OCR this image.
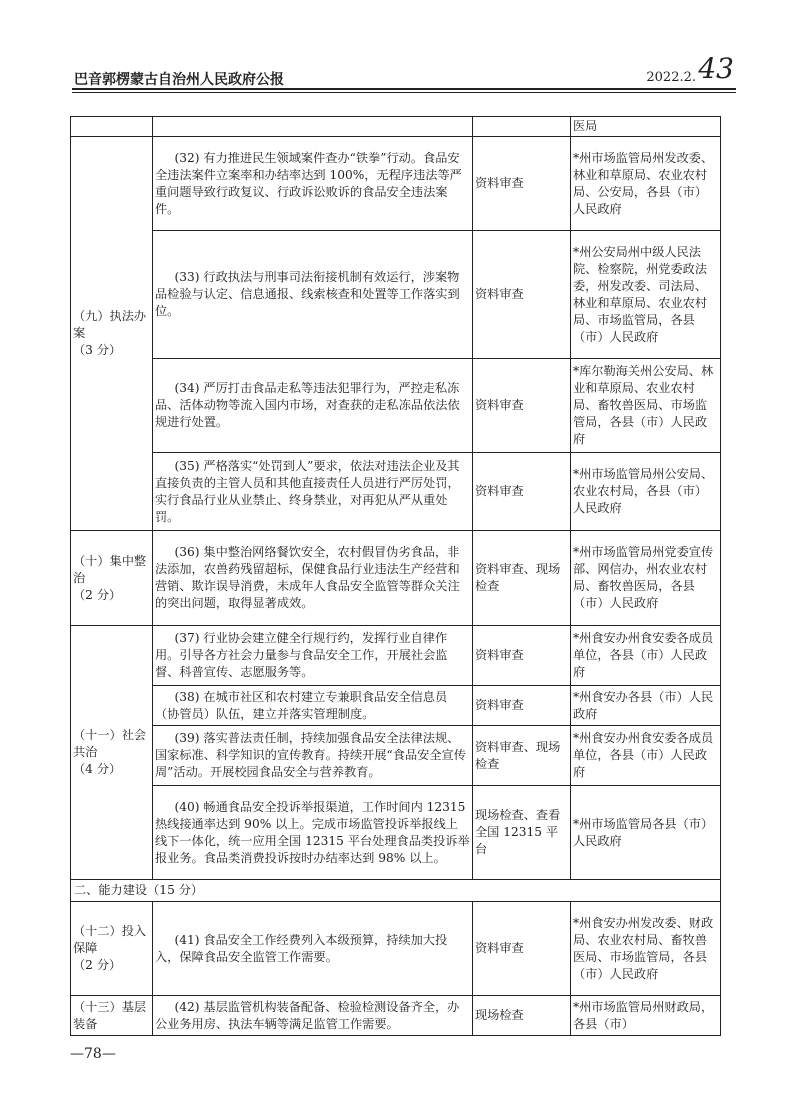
巴音郭楞蒙古自治州人民政府公报	2022.2. 43
			医局

（九）执法办
案
（3 分）	(32) 有力推进民生领域案件查办“铁拳”行动。食品安全违法案件立案率和办结率达到 100%，无程序违法等严重问题导致行政复议、行政诉讼败诉的食品安全违法案件。	资料审查	*州市场监管局州发改委、林业和草原局、农业农村局、公安局，各县（市）人民政府
	(33) 行政执法与刑事司法衔接机制有效运行，涉案物品检验与认定、信息通报、线索核查和处置等工作落实到位。	资料审查	*州公安局州中级人民法院、检察院，州党委政法委，州发改委、司法局、林业和草原局、农业农村局、市场监管局，各县（市）人民政府
	(34) 严厉打击食品走私等违法犯罪行为，严控走私冻品、活体动物等流入国内市场，对查获的走私冻品依法依规进行处置。	资料审查	*库尔勒海关州公安局、林业和草原局、农业农村局、畜牧兽医局、市场监管局，各县（市）人民政府
	(35) 严格落实“处罚到人”要求，依法对违法企业及其直接负责的主管人员和其他直接责任人员进行严厉处罚，实行食品行业从业禁止、终身禁业，对再犯从严从重处罚。	资料审查	*州市场监管局州公安局、农业农村局，各县（市）人民政府

（十）集中整
治
（2 分）	(36) 集中整治网络餐饮安全，农村假冒伪劣食品，非法添加，农兽药残留超标，保健食品行业违法生产经营和营销、欺诈误导消费，未成年人食品安全监管等群众关注的突出问题，取得显著成效。	资料审查、现场检查	*州市场监管局州党委宣传部、网信办，州农业农村局、畜牧兽医局，各县（市）人民政府

（十一）社会
共治
（4 分）	(37) 行业协会建立健全行规行约，发挥行业自律作用。引导各方社会力量参与食品安全工作，开展社会监督、科普宣传、志愿服务等。	资料审查	*州食安办州食安委各成员单位，各县（市）人民政府
	(38) 在城市社区和农村建立专兼职食品安全信息员（协管员）队伍，建立并落实管理制度。	资料审查	*州食安办各县（市）人民政府
	(39) 落实普法责任制，持续加强食品安全法律法规、国家标准、科学知识的宣传教育。持续开展“食品安全宣传周”活动。开展校园食品安全与营养教育。	资料审查、现场检查	*州食安办州食安委各成员单位，各县（市）人民政府
	(40) 畅通食品安全投诉举报渠道，工作时间内 12315 热线接通率达到 90% 以上。完成市场监管投诉举报线上线下一体化，统一应用全国 12315 平台处理食品类投诉举报业务。食品类消费投诉按时办结率达到 98% 以上。	现场检查、查看全国 12315 平台	*州市场监管局各县（市）人民政府
二、能力建设（15 分）			

（十二）投入
保障
（2 分）	(41) 食品安全工作经费列入本级预算，持续加大投入，保障食品安全监管工作需要。	资料审查	*州食安办州发改委、财政局、农业农村局、畜牧兽医局、市场监管局，各县（市）人民政府

（十三）基层
装备	(42) 基层监管机构装备配备、检验检测设备齐全，办公业务用房、执法车辆等满足监管工作需要。	现场检查	*州市场监管局州财政局，各县（市）
—78—
